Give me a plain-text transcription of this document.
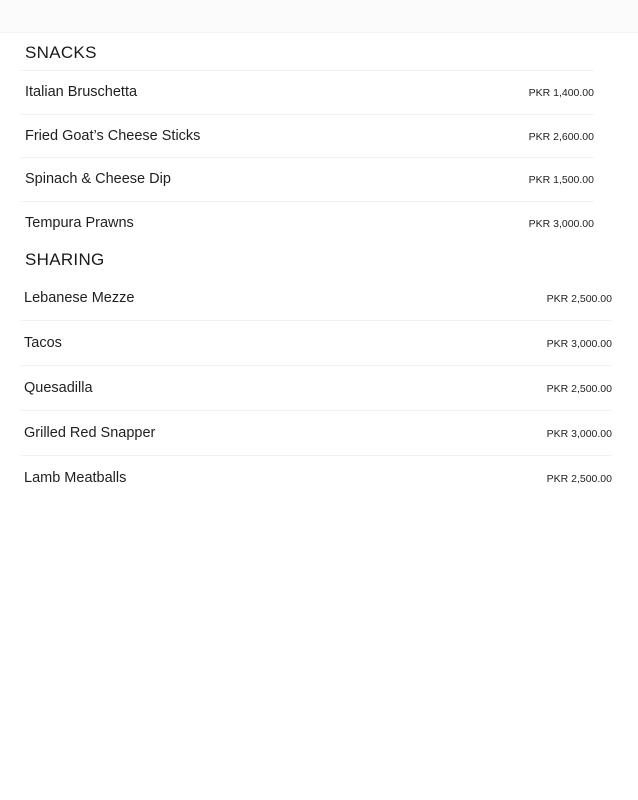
SNACKS
Italian Bruschetta	PKR 1,400.00
Fried Goat’s Cheese Sticks	PKR 2,600.00
Spinach & Cheese Dip	PKR 1,500.00
Tempura Prawns	PKR 3,000.00
SHARING
Lebanese Mezze	PKR 2,500.00
Tacos	PKR 3,000.00
Quesadilla	PKR 2,500.00
Grilled Red Snapper	PKR 3,000.00
Lamb Meatballs	PKR 2,500.00
